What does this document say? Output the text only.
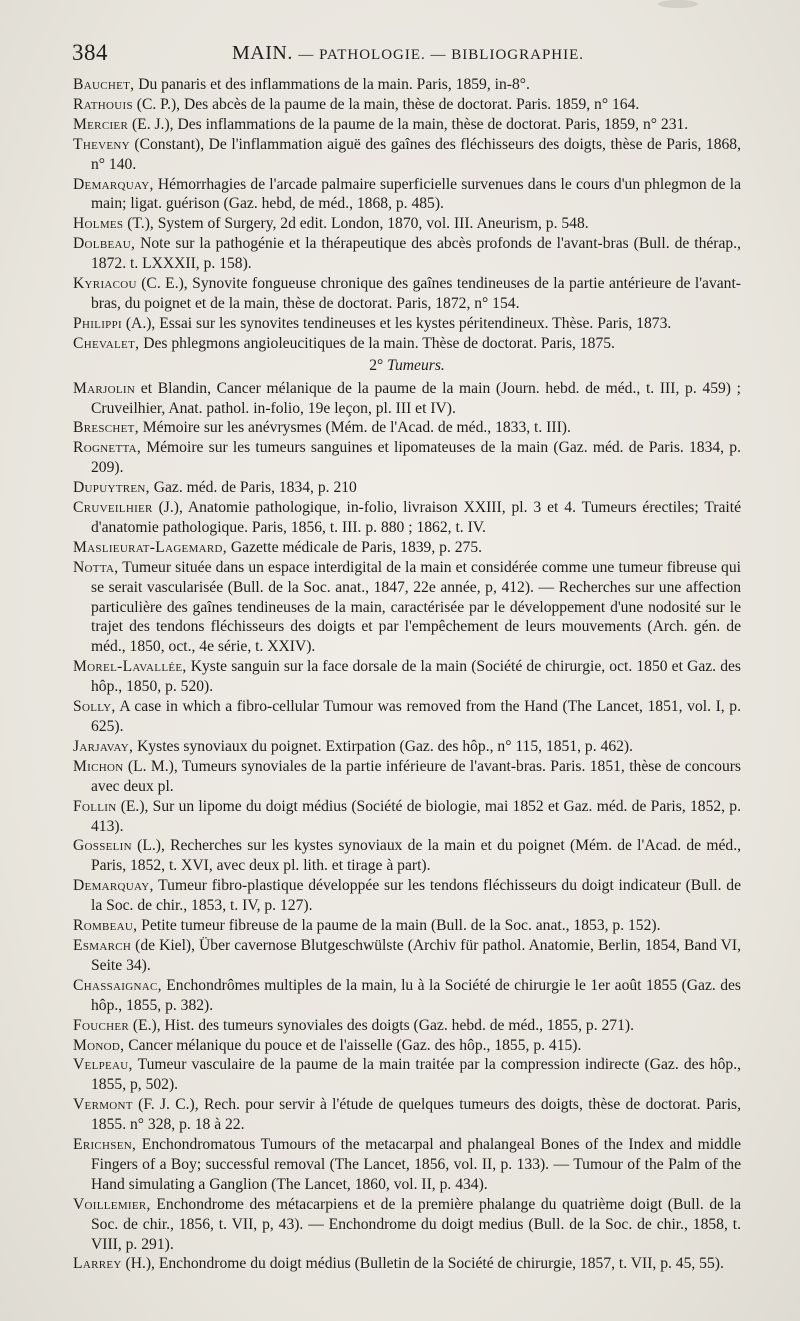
384	MAIN. — PATHOLOGIE. — BIBLIOGRAPHIE.

Bauchet, Du panaris et des inflammations de la main. Paris, 1859, in-8°.

Rathouis (C. P.), Des abcès de la paume de la main, thèse de doctorat. Paris. 1859, n° 164.

Mercier (E. J.), Des inflammations de la paume de la main, thèse de doctorat. Paris, 1859, n° 231.

Theveny (Constant), De l'inflammation aiguë des gaînes des fléchisseurs des doigts, thèse de Paris, 1868, n° 140.

Demarquay, Hémorrhagies de l'arcade palmaire superficielle survenues dans le cours d'un phlegmon de la main; ligat. guérison (Gaz. hebd, de méd., 1868, p. 485).

Holmes (T.), System of Surgery, 2d edit. London, 1870, vol. III. Aneurism, p. 548.

Dolbeau, Note sur la pathogénie et la thérapeutique des abcès profonds de l'avant-bras (Bull. de thérap., 1872. t. LXXXII, p. 158).

Kyriacou (C. E.), Synovite fongueuse chronique des gaînes tendineuses de la partie antérieure de l'avant-bras, du poignet et de la main, thèse de doctorat. Paris, 1872, n° 154.

Philippi (A.), Essai sur les synovites tendineuses et les kystes péritendineux. Thèse. Paris, 1873.

Chevalet, Des phlegmons angioleucitiques de la main. Thèse de doctorat. Paris, 1875.

2° Tumeurs.

Marjolin et Blandin, Cancer mélanique de la paume de la main (Journ. hebd. de méd., t. III, p. 459) ; Cruveilhier, Anat. pathol. in-folio, 19e leçon, pl. III et IV).

Breschet, Mémoire sur les anévrysmes (Mém. de l'Acad. de méd., 1833, t. III).

Rognetta, Mémoire sur les tumeurs sanguines et lipomateuses de la main (Gaz. méd. de Paris. 1834, p. 209).

Dupuytren, Gaz. méd. de Paris, 1834, p. 210

Cruveilhier (J.), Anatomie pathologique, in-folio, livraison XXIII, pl. 3 et 4. Tumeurs érectiles; Traité d'anatomie pathologique. Paris, 1856, t. III. p. 880 ; 1862, t. IV.

Maslieurat-Lagemard, Gazette médicale de Paris, 1839, p. 275.

Notta, Tumeur située dans un espace interdigital de la main et considérée comme une tumeur fibreuse qui se serait vascularisée (Bull. de la Soc. anat., 1847, 22e année, p, 412). — Recherches sur une affection particulière des gaînes tendineuses de la main, caractérisée par le développement d'une nodosité sur le trajet des tendons fléchisseurs des doigts et par l'empêchement de leurs mouvements (Arch. gén. de méd., 1850, oct., 4e série, t. XXIV).

Morel-Lavallée, Kyste sanguin sur la face dorsale de la main (Société de chirurgie, oct. 1850 et Gaz. des hôp., 1850, p. 520).

Solly, A case in which a fibro-cellular Tumour was removed from the Hand (The Lancet, 1851, vol. I, p. 625).

Jarjavay, Kystes synoviaux du poignet. Extirpation (Gaz. des hôp., n° 115, 1851, p. 462).

Michon (L. M.), Tumeurs synoviales de la partie inférieure de l'avant-bras. Paris. 1851, thèse de concours avec deux pl.

Follin (E.), Sur un lipome du doigt médius (Société de biologie, mai 1852 et Gaz. méd. de Paris, 1852, p. 413).

Gosselin (L.), Recherches sur les kystes synoviaux de la main et du poignet (Mém. de l'Acad. de méd., Paris, 1852, t. XVI, avec deux pl. lith. et tirage à part).

Demarquay, Tumeur fibro-plastique développée sur les tendons fléchisseurs du doigt indicateur (Bull. de la Soc. de chir., 1853, t. IV, p. 127).

Rombeau, Petite tumeur fibreuse de la paume de la main (Bull. de la Soc. anat., 1853, p. 152).

Esmarch (de Kiel), Über cavernose Blutgeschwülste (Archiv für pathol. Anatomie, Berlin, 1854, Band VI, Seite 34).

Chassaignac, Enchondrômes multiples de la main, lu à la Société de chirurgie le 1er août 1855 (Gaz. des hôp., 1855, p. 382).

Foucher (E.), Hist. des tumeurs synoviales des doigts (Gaz. hebd. de méd., 1855, p. 271).

Monod, Cancer mélanique du pouce et de l'aisselle (Gaz. des hôp., 1855, p. 415).

Velpeau, Tumeur vasculaire de la paume de la main traitée par la compression indirecte (Gaz. des hôp., 1855, p, 502).

Vermont (F. J. C.), Rech. pour servir à l'étude de quelques tumeurs des doigts, thèse de doctorat. Paris, 1855. n° 328, p. 18 à 22.

Erichsen, Enchondromatous Tumours of the metacarpal and phalangeal Bones of the Index and middle Fingers of a Boy; successful removal (The Lancet, 1856, vol. II, p. 133). — Tumour of the Palm of the Hand simulating a Ganglion (The Lancet, 1860, vol. II, p. 434).

Voillemier, Enchondrome des métacarpiens et de la première phalange du quatrième doigt (Bull. de la Soc. de chir., 1856, t. VII, p, 43). — Enchondrome du doigt medius (Bull. de la Soc. de chir., 1858, t. VIII, p. 291).

Larrey (H.), Enchondrome du doigt médius (Bulletin de la Société de chirurgie, 1857, t. VII, p. 45, 55).
